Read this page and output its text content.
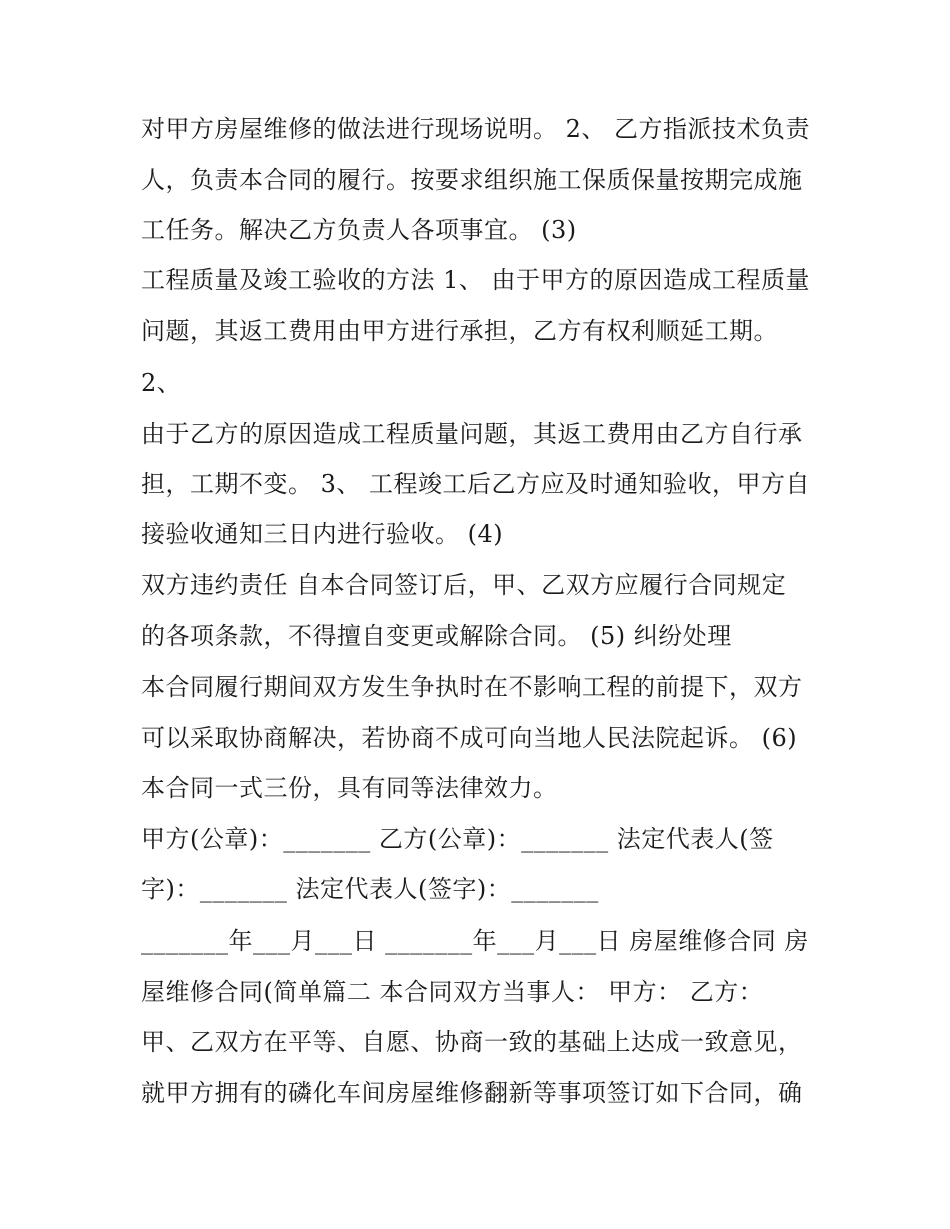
对甲方房屋维修的做法进行现场说明。 2、 乙方指派技术负责
人，负责本合同的履行。按要求组织施工保质保量按期完成施
工任务。解决乙方负责人各项事宜。 (3)
工程质量及竣工验收的方法 1、 由于甲方的原因造成工程质量
问题，其返工费用由甲方进行承担，乙方有权利顺延工期。
2、
由于乙方的原因造成工程质量问题，其返工费用由乙方自行承
担，工期不变。 3、 工程竣工后乙方应及时通知验收，甲方自
接验收通知三日内进行验收。 (4)
双方违约责任 自本合同签订后，甲、乙双方应履行合同规定
的各项条款，不得擅自变更或解除合同。 (5) 纠纷处理
本合同履行期间双方发生争执时在不影响工程的前提下，双方
可以采取协商解决，若协商不成可向当地人民法院起诉。 (6)
本合同一式三份，具有同等法律效力。
甲方(公章)：_______ 乙方(公章)：_______ 法定代表人(签
字)：_______ 法定代表人(签字)：_______
_______年___月___日 _______年___月___日 房屋维修合同 房
屋维修合同(简单篇二 本合同双方当事人： 甲方： 乙方：
甲、乙双方在平等、自愿、协商一致的基础上达成一致意见，
就甲方拥有的磷化车间房屋维修翻新等事项签订如下合同，确
